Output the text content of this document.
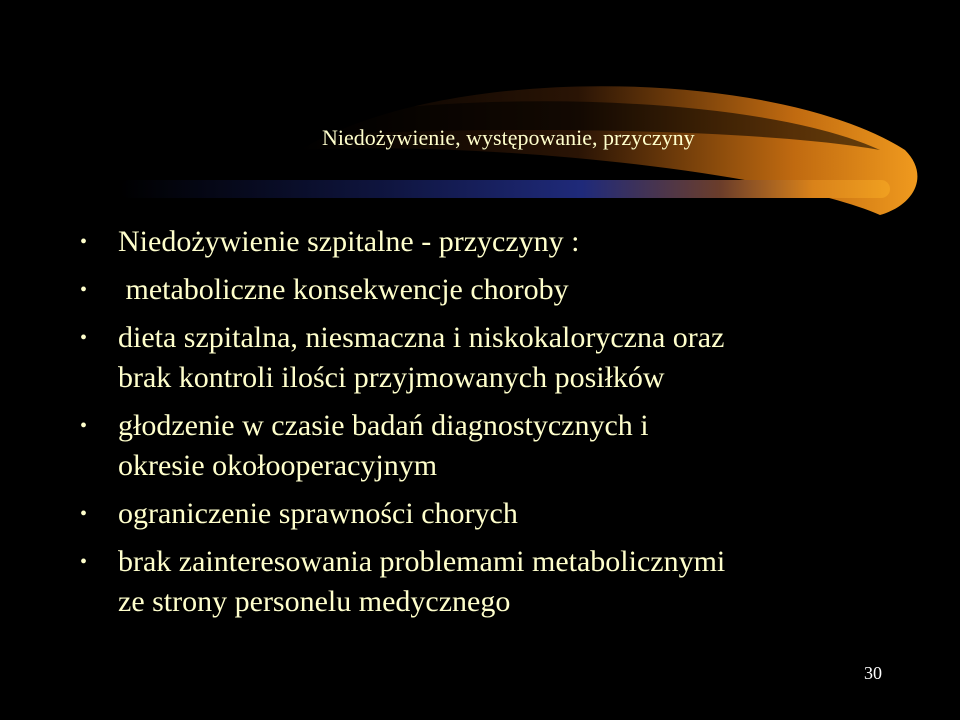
Niedożywienie, występowanie, przyczyny
• Niedożywienie szpitalne - przyczyny :
• metaboliczne konsekwencje choroby
• dieta szpitalna, niesmaczna i niskokaloryczna oraz
brak kontroli ilości przyjmowanych posiłków
• głodzenie w czasie badań diagnostycznych i
okresie okołooperacyjnym
• ograniczenie sprawności chorych
• brak zainteresowania problemami metabolicznymi
ze strony personelu medycznego
30
